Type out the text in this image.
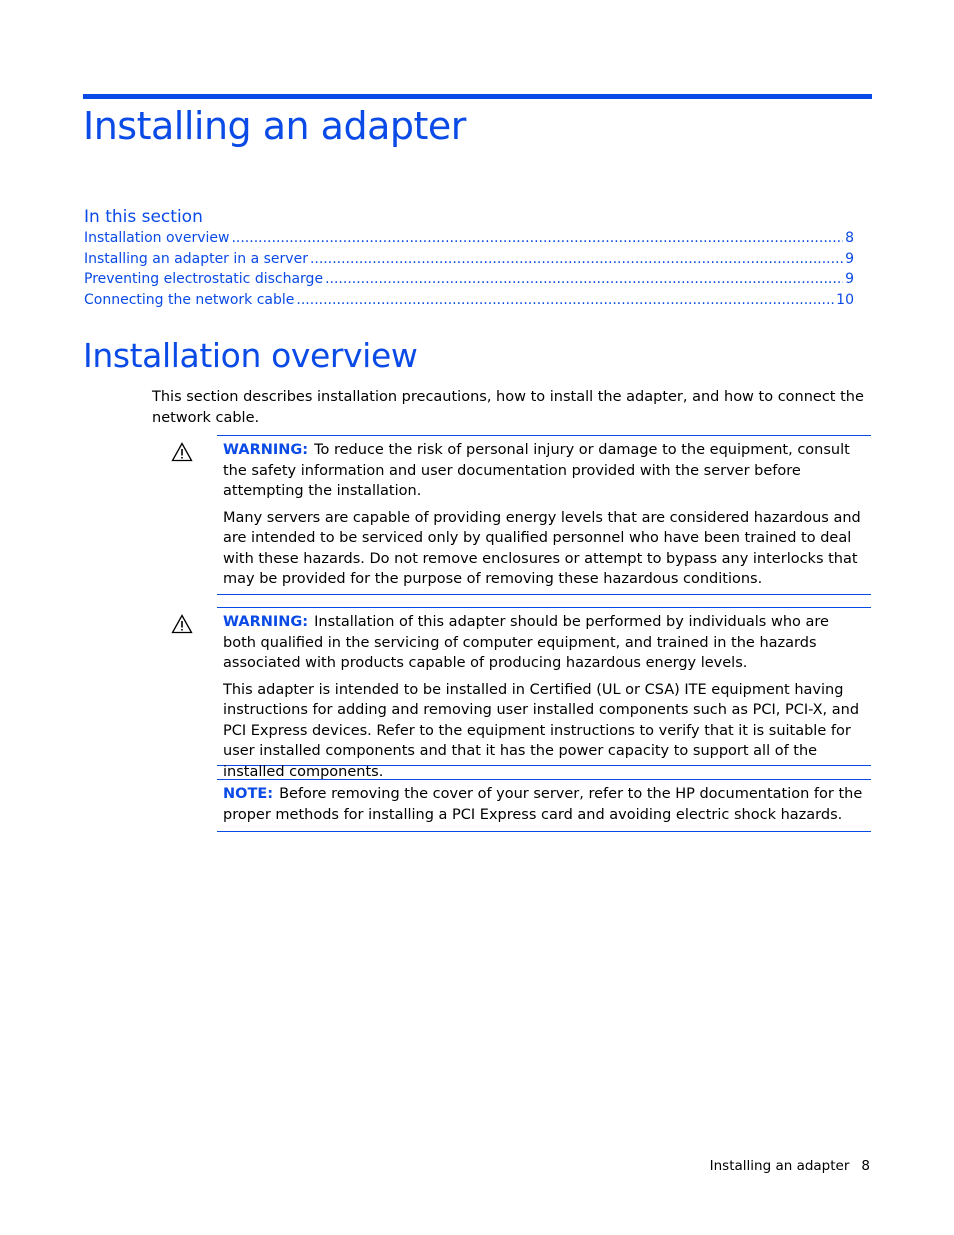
Installing an adapter
In this section
Installation overview .....	8
Installing an adapter in a server .....	9
Preventing electrostatic discharge .....	9
Connecting the network cable .....	10
Installation overview

This section describes installation precautions, how to install the adapter, and how to connect the network cable.

WARNING: To reduce the risk of personal injury or damage to the equipment, consult the safety information and user documentation provided with the server before attempting the installation.

Many servers are capable of providing energy levels that are considered hazardous and are intended to be serviced only by qualified personnel who have been trained to deal with these hazards. Do not remove enclosures or attempt to bypass any interlocks that may be provided for the purpose of removing these hazardous conditions.

WARNING: Installation of this adapter should be performed by individuals who are both qualified in the servicing of computer equipment, and trained in the hazards associated with products capable of producing hazardous energy levels.

This adapter is intended to be installed in Certified (UL or CSA) ITE equipment having instructions for adding and removing user installed components such as PCI, PCI-X, and PCI Express devices. Refer to the equipment instructions to verify that it is suitable for user installed components and that it has the power capacity to support all of the installed components.

NOTE: Before removing the cover of your server, refer to the HP documentation for the proper methods for installing a PCI Express card and avoiding electric shock hazards.

Installing an adapter 8
